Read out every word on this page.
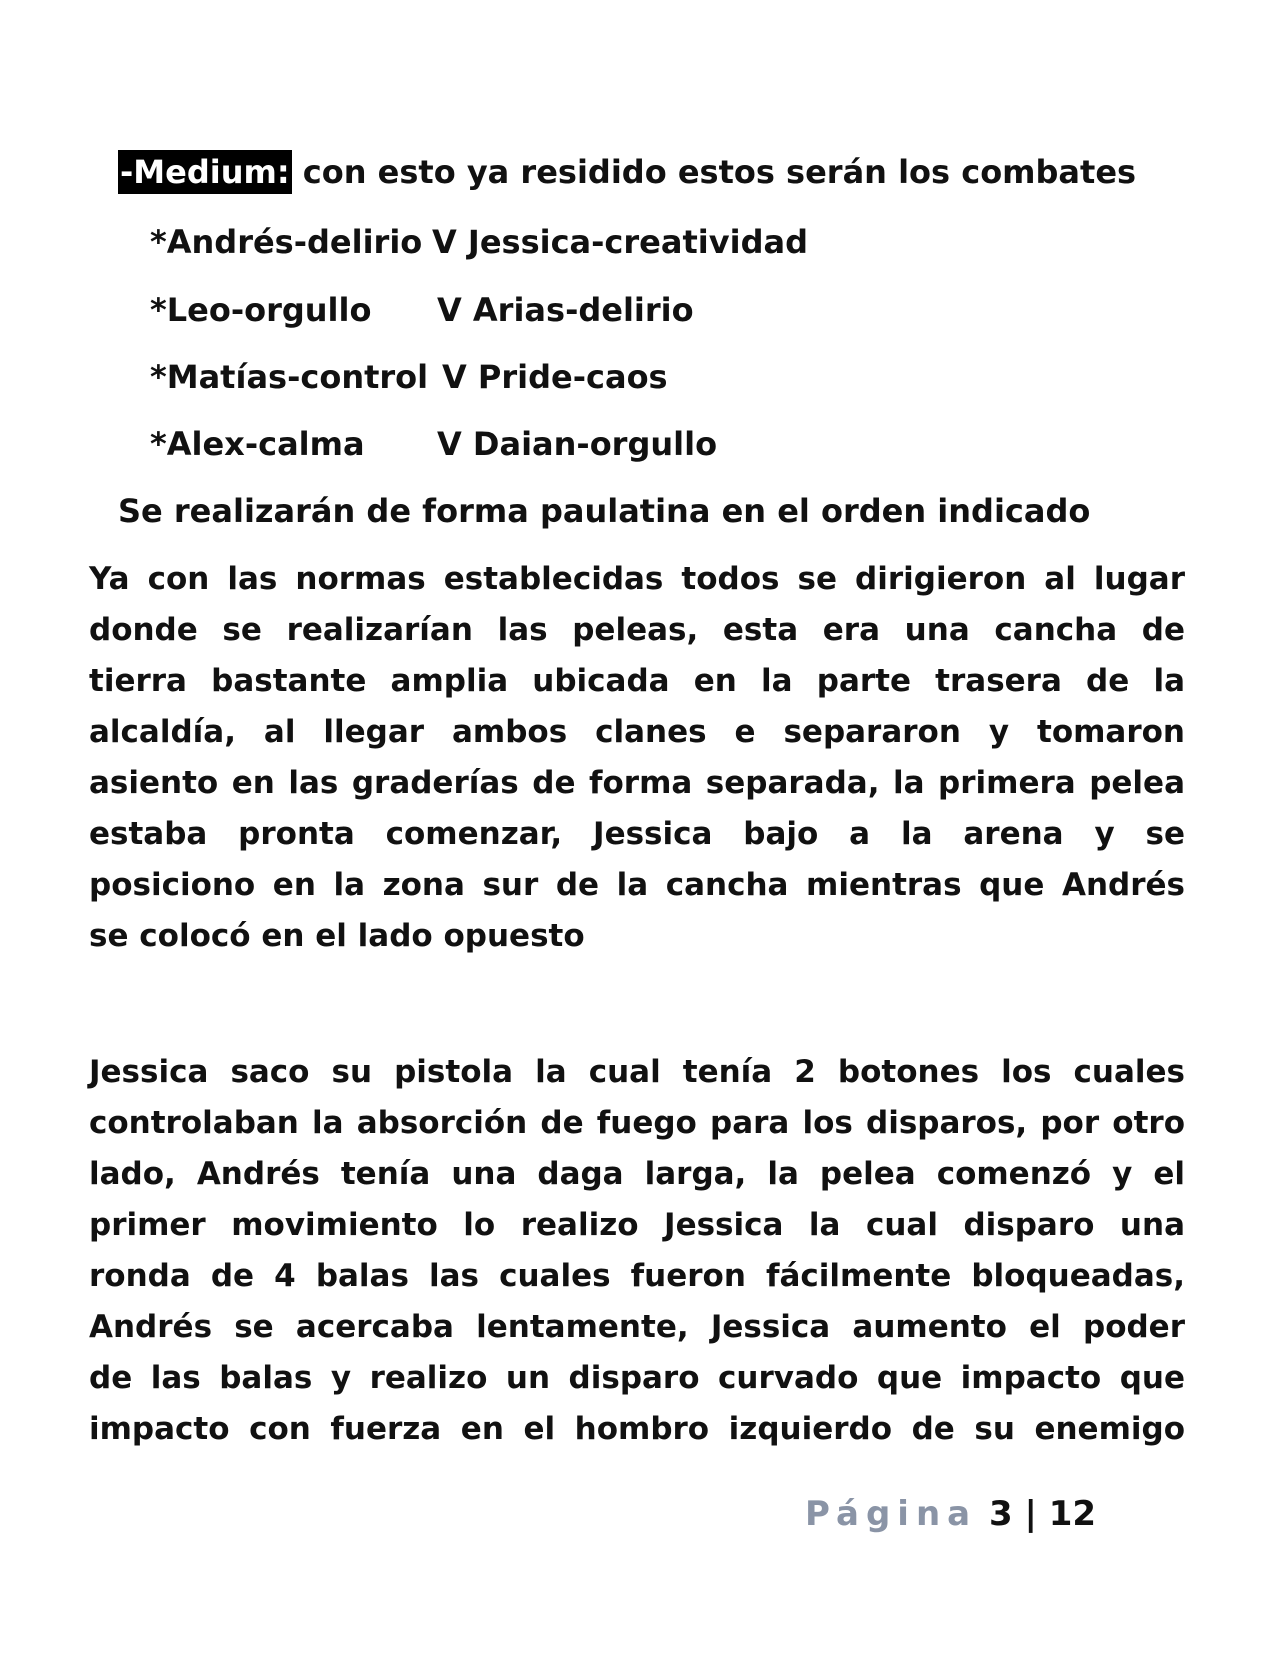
-Medium: con esto ya residido estos serán los combates
*Andrés-delirio V Jessica-creatividad
*Leo-orgullo V Arias-delirio
*Matías-control V Pride-caos
*Alex-calma V Daian-orgullo
Se realizarán de forma paulatina en el orden indicado
Ya con las normas establecidas todos se dirigieron al lugar
donde se realizarían las peleas, esta era una cancha de
tierra bastante amplia ubicada en la parte trasera de la
alcaldía, al llegar ambos clanes e separaron y tomaron
asiento en las graderías de forma separada, la primera pelea
estaba pronta comenzar, Jessica bajo a la arena y se
posiciono en la zona sur de la cancha mientras que Andrés
se colocó en el lado opuesto
Jessica saco su pistola la cual tenía 2 botones los cuales
controlaban la absorción de fuego para los disparos, por otro
lado, Andrés tenía una daga larga, la pelea comenzó y el
primer movimiento lo realizo Jessica la cual disparo una
ronda de 4 balas las cuales fueron fácilmente bloqueadas,
Andrés se acercaba lentamente, Jessica aumento el poder
de las balas y realizo un disparo curvado que impacto que
impacto con fuerza en el hombro izquierdo de su enemigo
Página 3 | 12
